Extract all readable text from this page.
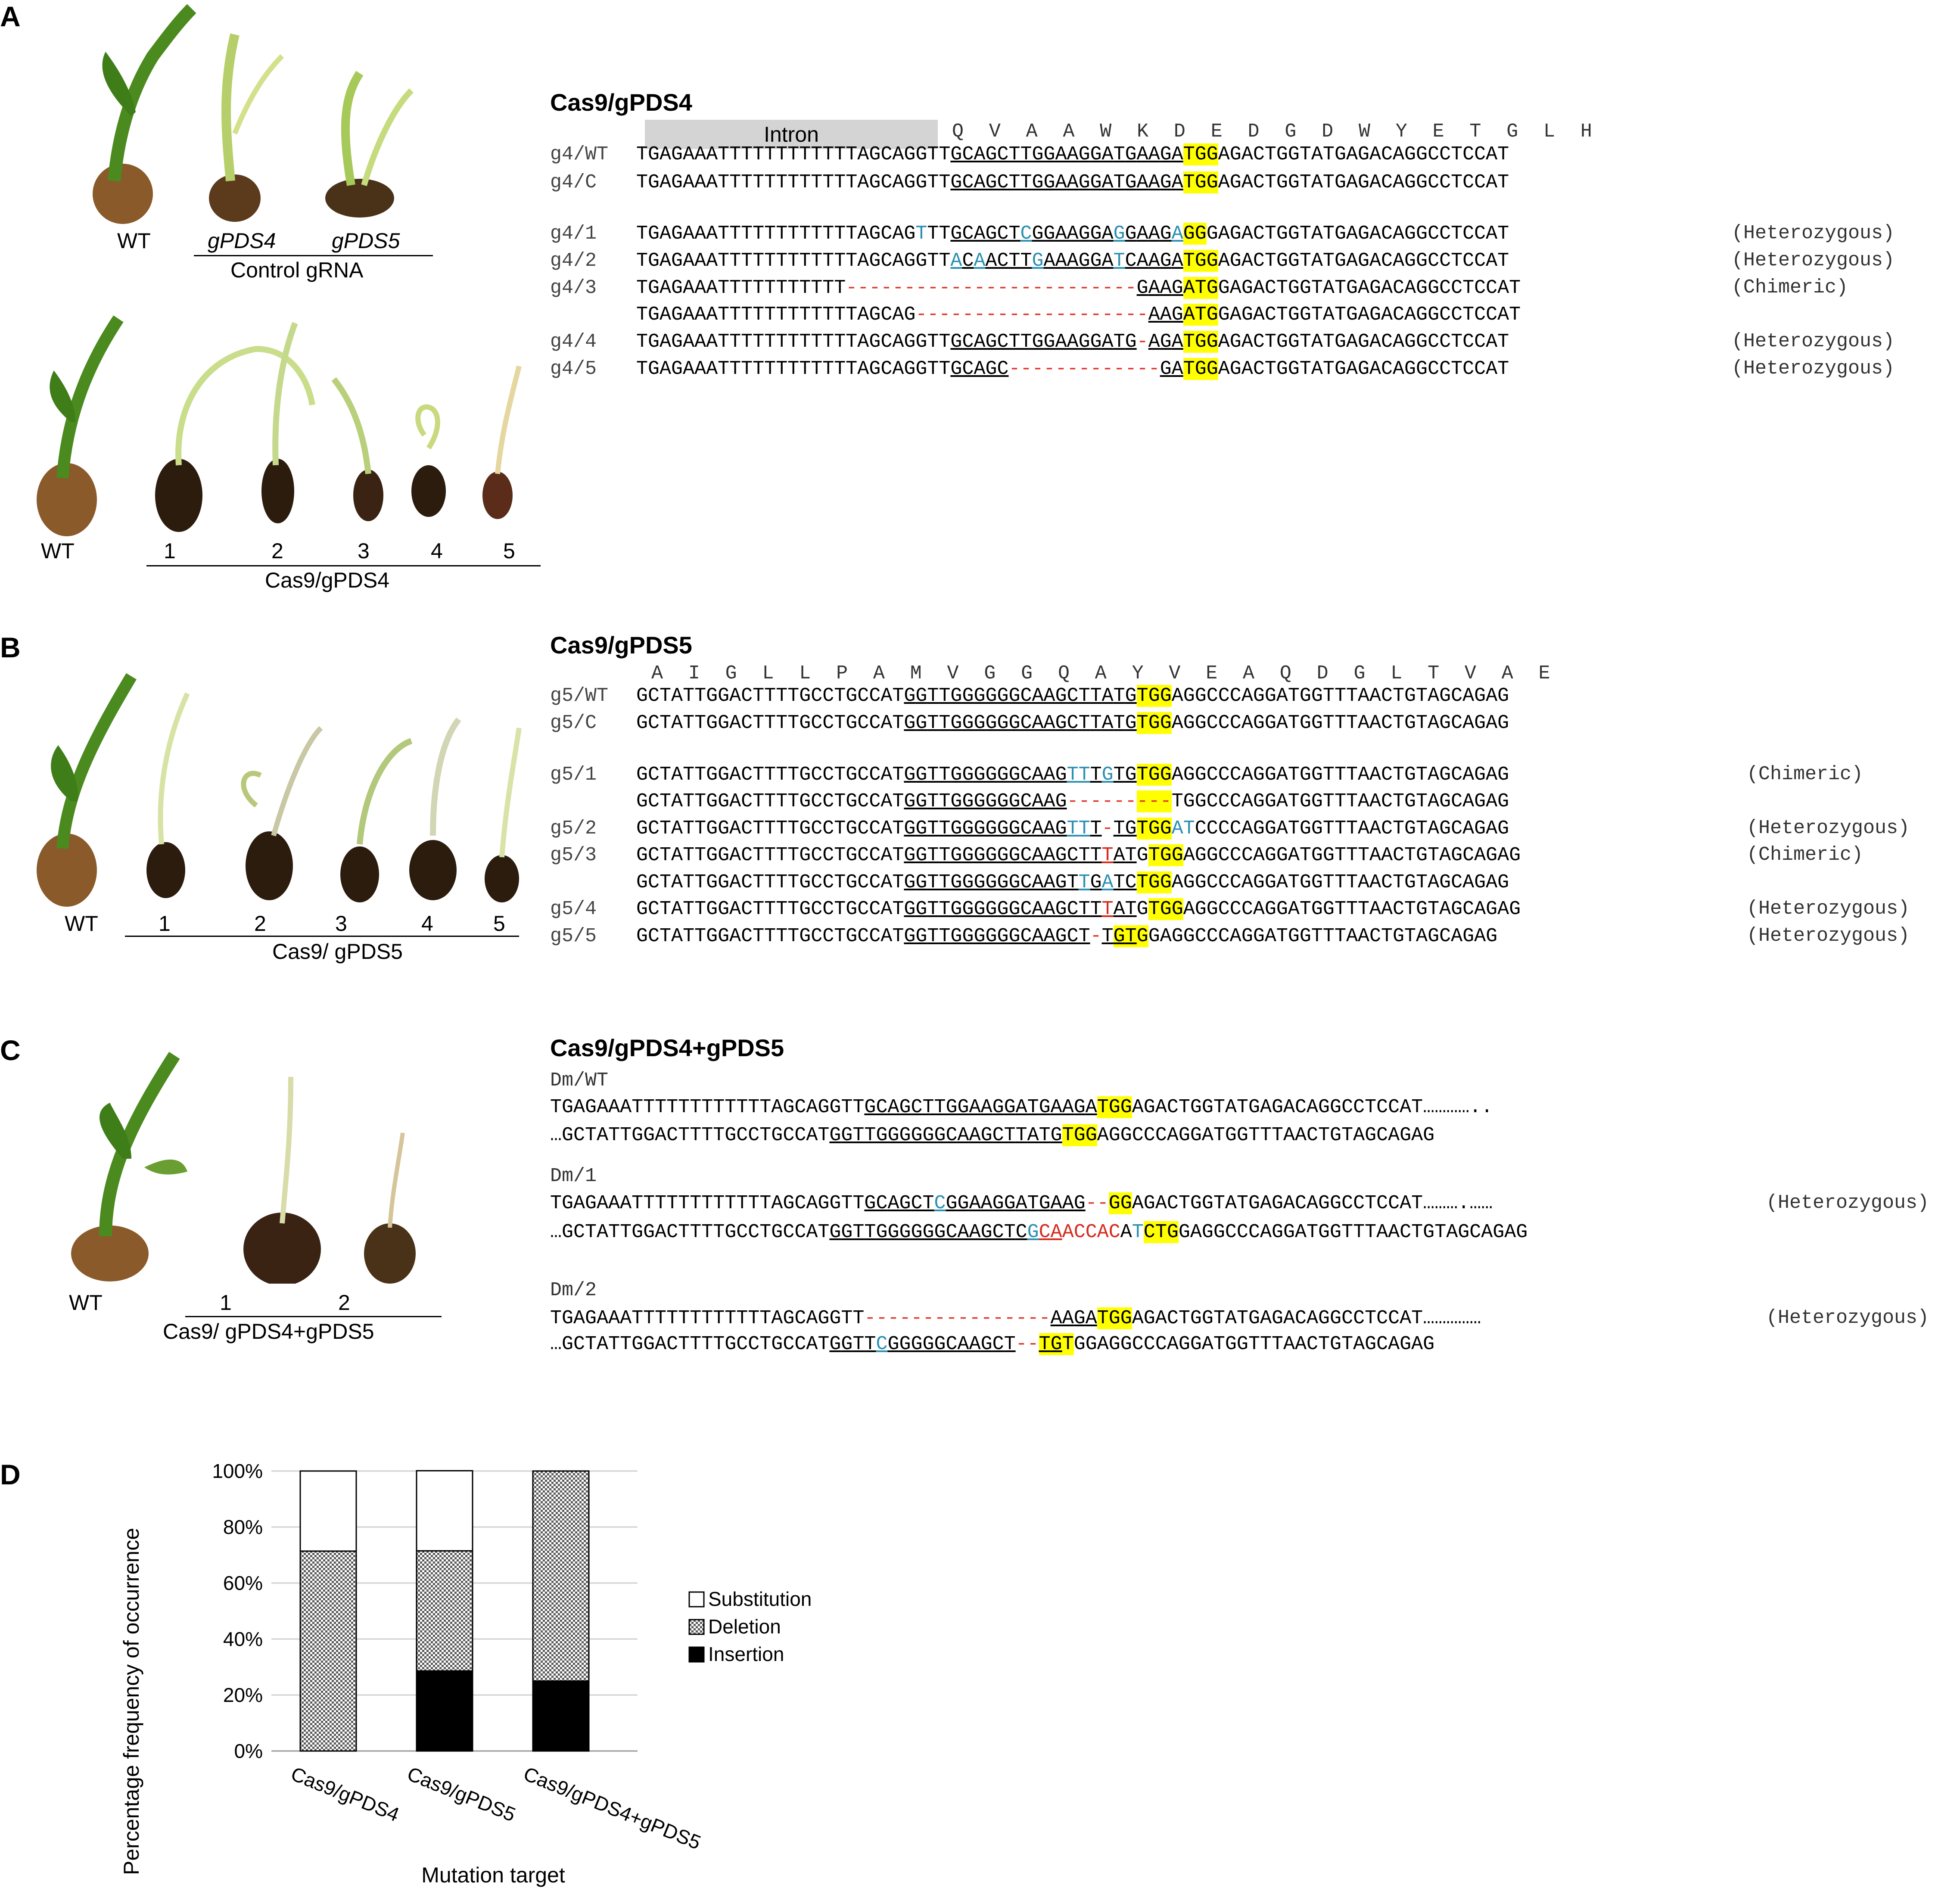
A
WT	gPDS4	gPDS5
Control gRNA
WT	1	2	3	4	5
Cas9/gPDS4
Cas9/gPDS4
Intron	Q  V  A  A  W  K  D  E  D  G  D  W  Y  E  T  G  L  H
g4/WT	TGAGAAATTTTTTTTTTTTAGCAGGTTGCAGCTTGGAAGGATGAAGATGGAGACTGGTATGAGACAGGCCTCCAT
g4/C	TGAGAAATTTTTTTTTTTTAGCAGGTTGCAGCTTGGAAGGATGAAGATGGAGACTGGTATGAGACAGGCCTCCAT
g4/1	TGAGAAATTTTTTTTTTTTAGCAGTTTGCAGCTCGGAAGGAGGAAGAGGGAGACTGGTATGAGACAGGCCTCCAT	(Heterozygous)
g4/2	TGAGAAATTTTTTTTTTTTAGCAGGTTACAACTTGAAAGGATCAAGATGGAGACTGGTATGAGACAGGCCTCCAT	(Heterozygous)
g4/3	TGAGAAATTTTTTTTTTT-------------------------GAAGATGGAGACTGGTATGAGACAGGCCTCCAT	(Chimeric)
TGAGAAATTTTTTTTTTTTAGCAG--------------------AAGATGGAGACTGGTATGAGACAGGCCTCCAT
g4/4	TGAGAAATTTTTTTTTTTTAGCAGGTTGCAGCTTGGAAGGATG-AGATGGAGACTGGTATGAGACAGGCCTCCAT	(Heterozygous)
g4/5	TGAGAAATTTTTTTTTTTTAGCAGGTTGCAGC-------------GATGGAGACTGGTATGAGACAGGCCTCCAT	(Heterozygous)
B
WT	1	2	3	4	5
Cas9/ gPDS5
Cas9/gPDS5
A  I  G  L  L  P  A  M  V  G  G  Q  A  Y  V  E  A  Q  D  G  L  T  V  A  E
g5/WT	GCTATTGGACTTTTGCCTGCCATGGTTGGGGGGCAAGCTTATGTGGAGGCCCAGGATGGTTTAACTGTAGCAGAG
g5/C	GCTATTGGACTTTTGCCTGCCATGGTTGGGGGGCAAGCTTATGTGGAGGCCCAGGATGGTTTAACTGTAGCAGAG
g5/1	GCTATTGGACTTTTGCCTGCCATGGTTGGGGGGCAAGTTTGTGTGGAGGCCCAGGATGGTTTAACTGTAGCAGAG	(Chimeric)
GCTATTGGACTTTTGCCTGCCATGGTTGGGGGGCAAG---------TGGCCCAGGATGGTTTAACTGTAGCAGAG
g5/2	GCTATTGGACTTTTGCCTGCCATGGTTGGGGGGCAAGTTT-TGTGGATCCCCAGGATGGTTTAACTGTAGCAGAG	(Heterozygous)
g5/3	GCTATTGGACTTTTGCCTGCCATGGTTGGGGGGCAAGCTTTATGTGGAGGCCCAGGATGGTTTAACTGTAGCAGAG	(Chimeric)
GCTATTGGACTTTTGCCTGCCATGGTTGGGGGGCAAGTTGATCTGGAGGCCCAGGATGGTTTAACTGTAGCAGAG
g5/4	GCTATTGGACTTTTGCCTGCCATGGTTGGGGGGCAAGCTTTATGTGGAGGCCCAGGATGGTTTAACTGTAGCAGAG	(Heterozygous)
g5/5	GCTATTGGACTTTTGCCTGCCATGGTTGGGGGGCAAGCT-TGTGGAGGCCCAGGATGGTTTAACTGTAGCAGAG	(Heterozygous)
C
WT	1	2
Cas9/ gPDS4+gPDS5
Cas9/gPDS4+gPDS5
Dm/WT
TGAGAAATTTTTTTTTTTTAGCAGGTTGCAGCTTGGAAGGATGAAGATGGAGACTGGTATGAGACAGGCCTCCAT…………..
…GCTATTGGACTTTTGCCTGCCATGGTTGGGGGGCAAGCTTATGTGGAGGCCCAGGATGGTTTAACTGTAGCAGAG
Dm/1
TGAGAAATTTTTTTTTTTTAGCAGGTTGCAGCTCGGAAGGATGAAG--GGAGACTGGTATGAGACAGGCCTCCAT……….……
…GCTATTGGACTTTTGCCTGCCATGGTTGGGGGGCAAGCTCGCAACCACATCTGGAGGCCCAGGATGGTTTAACTGTAGCAGAG
(Heterozygous)
Dm/2
TGAGAAATTTTTTTTTTTTAGCAGGTT----------------AAGATGGAGACTGGTATGAGACAGGCCTCCAT……………
…GCTATTGGACTTTTGCCTGCCATGGTTCGGGGGCAAGCT--TGTGGAGGCCCAGGATGGTTTAACTGTAGCAGAG
(Heterozygous)
D
0%
20%
40%
60%
80%
100%
Cas9/gPDS4 Cas9/gPDS5 Cas9/gPDS4+gPDS5
Percentage frequency of occurrence	Mutation target
Substitution
Deletion
Insertion
